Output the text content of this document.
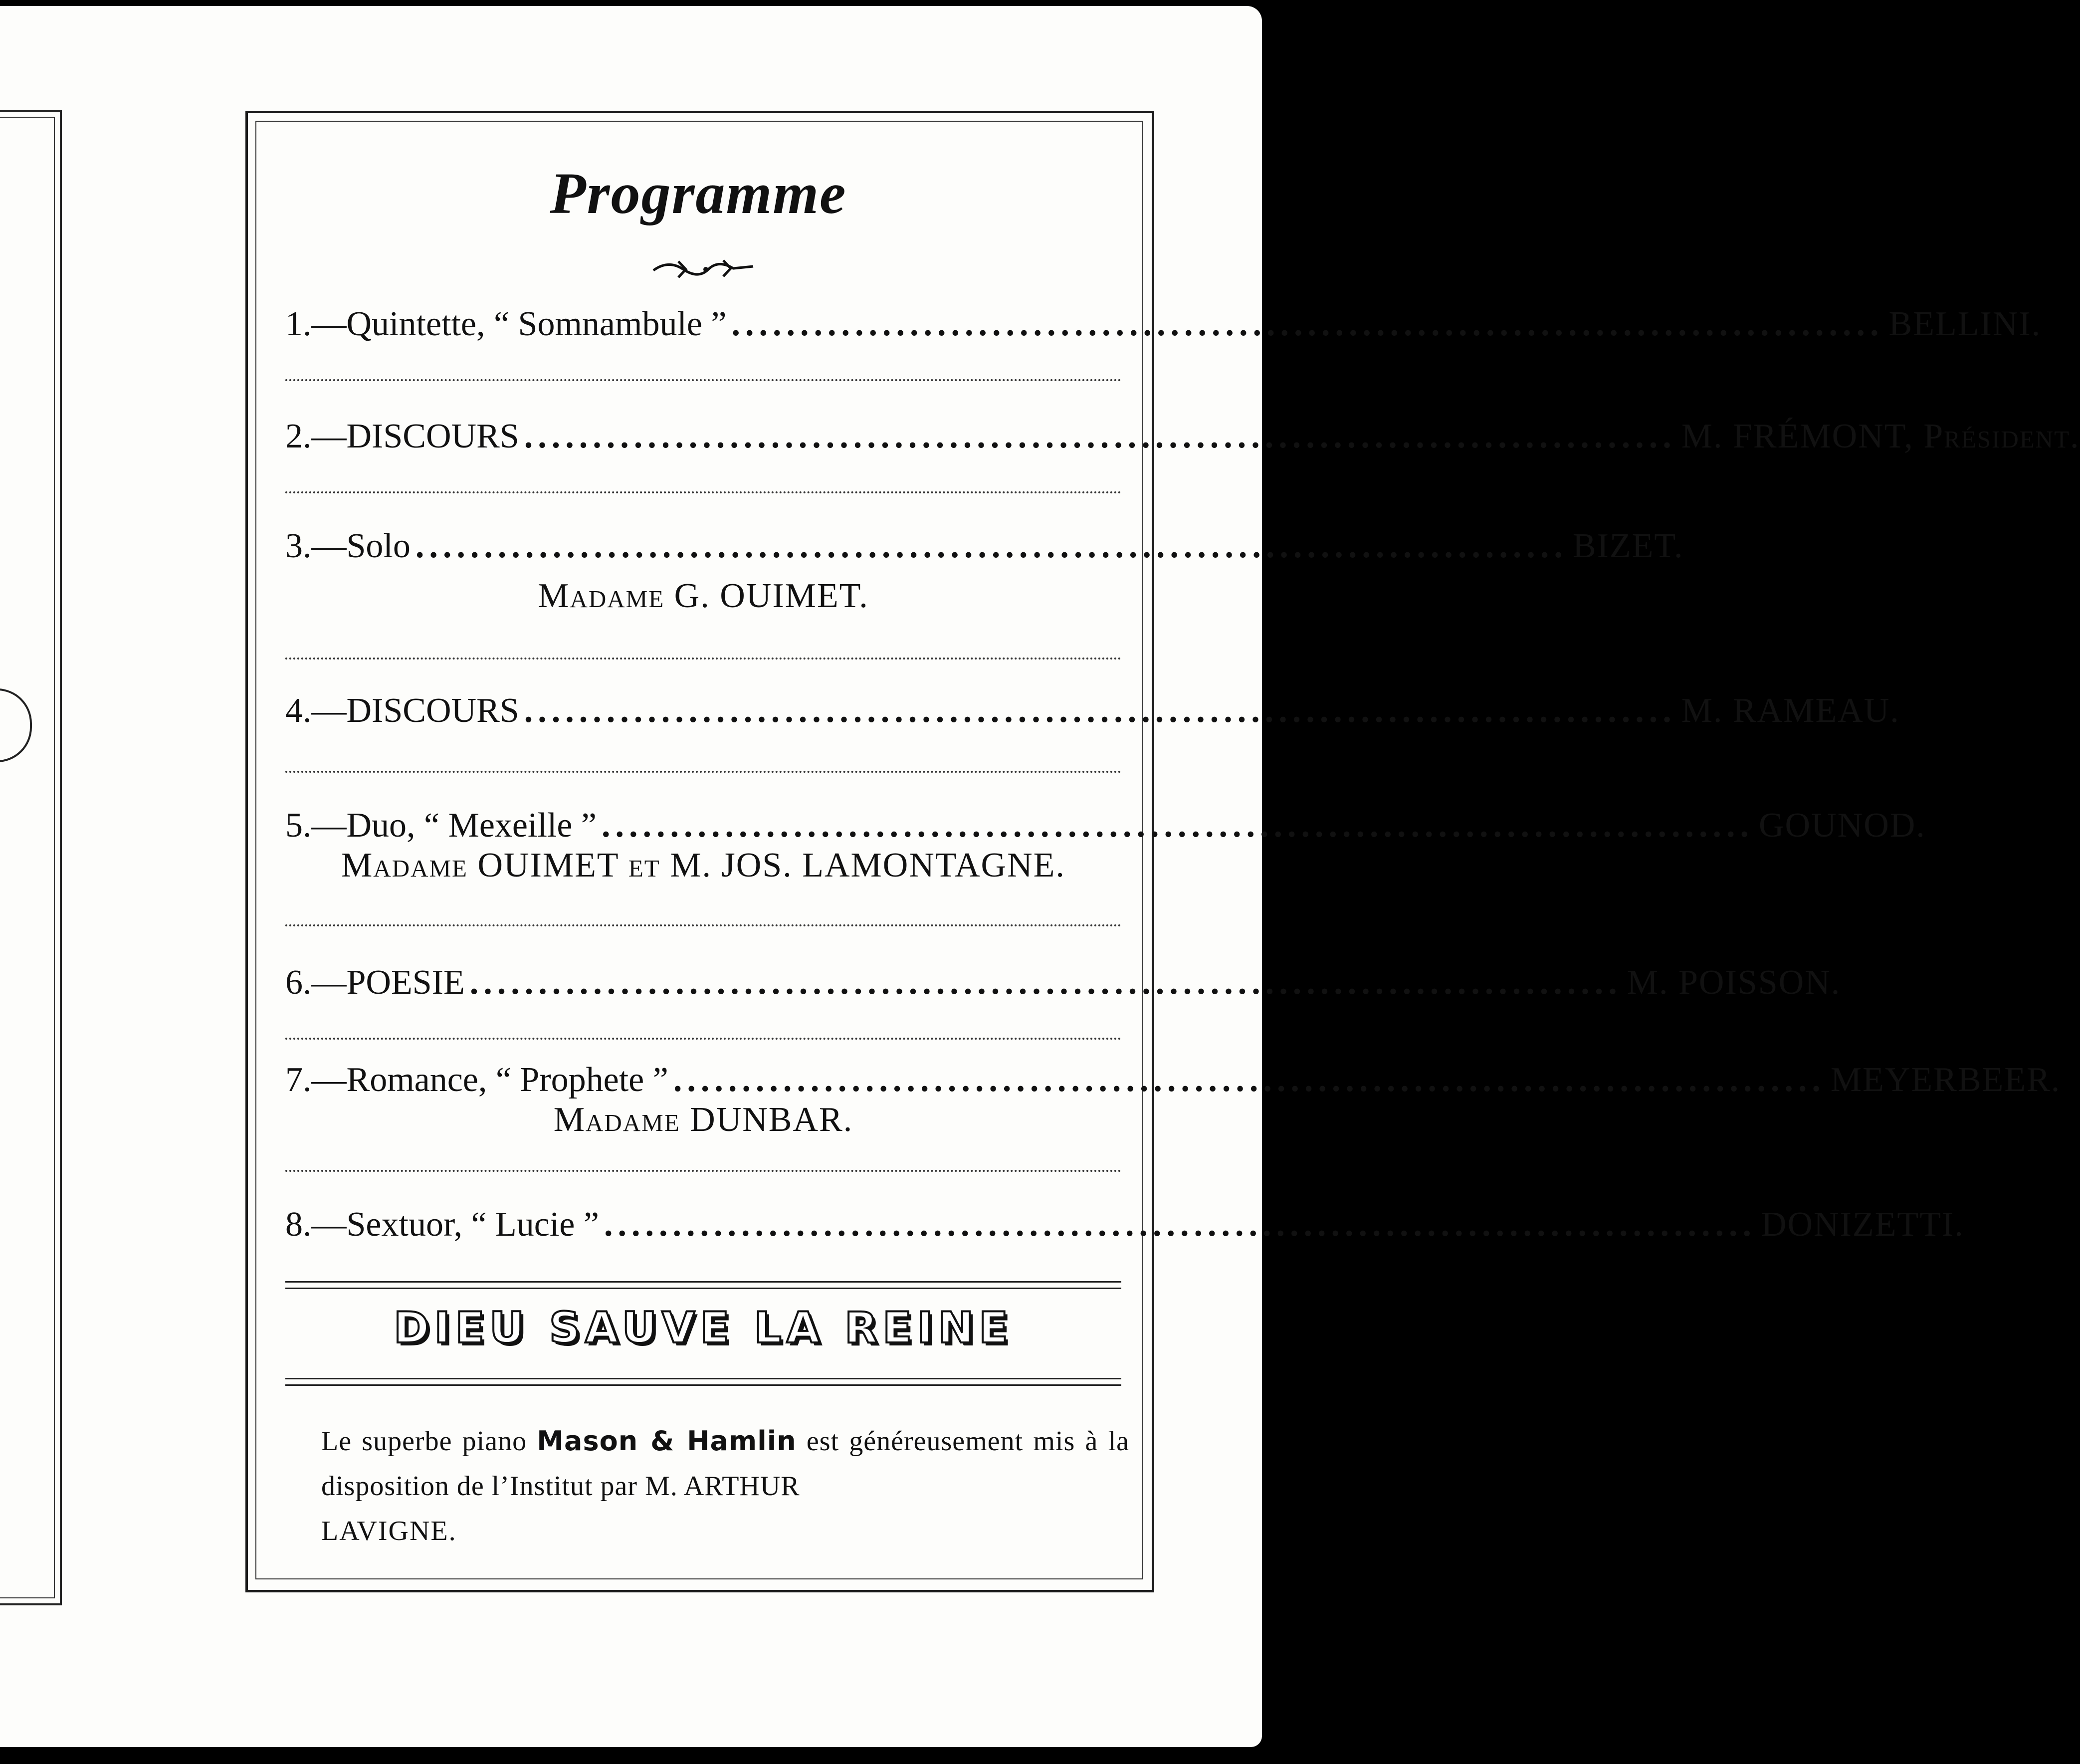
Programme
1.— Quintette, “ Somnambule ” .................................................................................... BELLINI.
2.— DISCOURS .................................................................................... M. FRÉMONT, Président.
3.— Solo .................................................................................... BIZET.
Madame G. OUIMET.
4.— DISCOURS .................................................................................... M. RAMEAU.
5.— Duo, “ Mexeille ” .................................................................................... GOUNOD.
Madame OUIMET et M. JOS. LAMONTAGNE.
6.— POESIE .................................................................................... M. POISSON.
7.— Romance, “ Prophete ” .................................................................................... MEYERBEER.
Madame DUNBAR.
8.— Sextuor, “ Lucie ” .................................................................................... DONIZETTI.
DIEU SAUVE LA REINE
Le superbe piano Mason & Hamlin est généreusement mis à la disposition de l’Institut par M. ARTHUR
LAVIGNE.
